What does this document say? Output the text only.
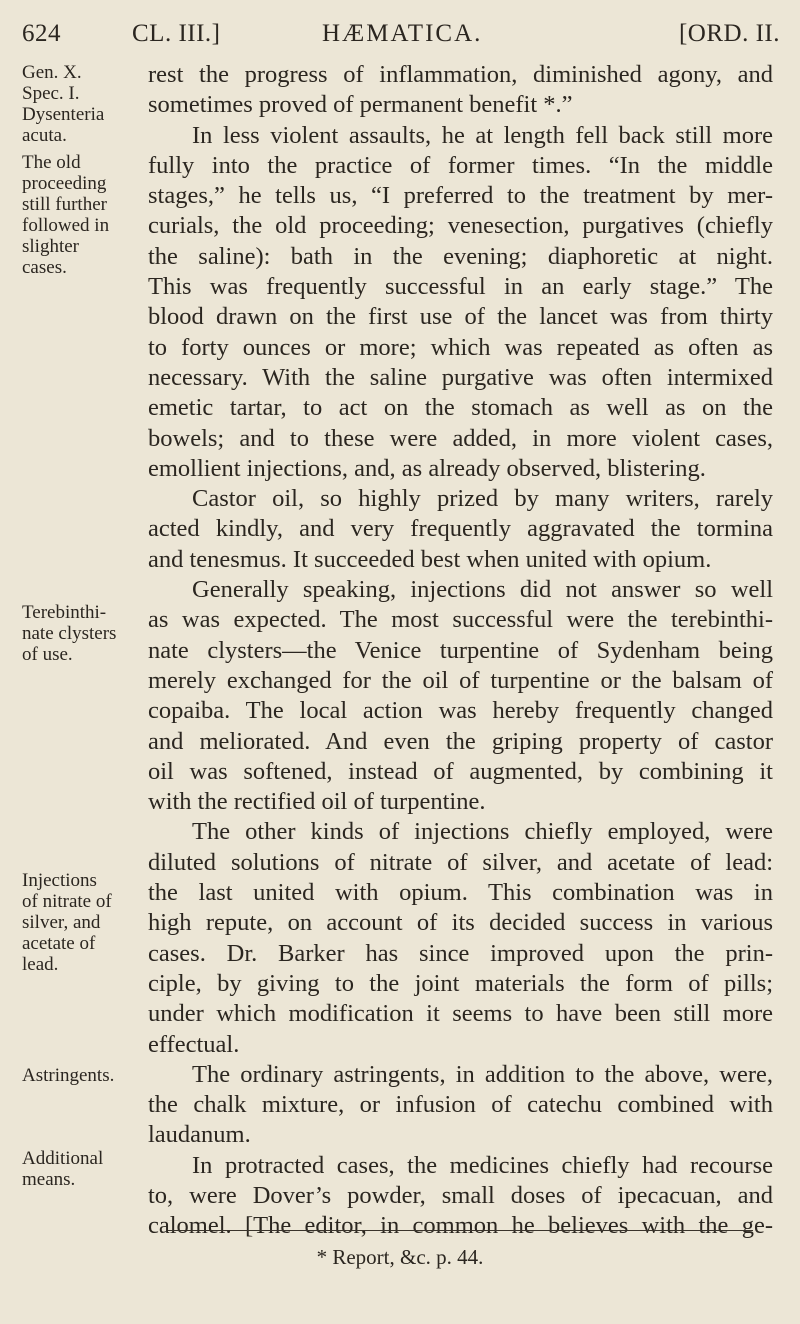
624	CL. III.]	HÆMATICA.	[ORD. II.
Gen. X.
Spec. I.
Dysenteria
acuta.
The old
proceeding
still further
followed in
slighter
cases.
Terebinthi-
nate clysters
of use.
Injections
of nitrate of
silver, and
acetate of
lead.
Astringents.
Additional
means.
rest the progress of inflammation, diminished agony, and
sometimes proved of permanent benefit *.”
In less violent assaults, he at length fell back still more
fully into the practice of former times. “In the middle
stages,” he tells us, “I preferred to the treatment by mer-
curials, the old proceeding; venesection, purgatives (chiefly
the saline): bath in the evening; diaphoretic at night.
This was frequently successful in an early stage.” The
blood drawn on the first use of the lancet was from thirty
to forty ounces or more; which was repeated as often as
necessary. With the saline purgative was often intermixed
emetic tartar, to act on the stomach as well as on the
bowels; and to these were added, in more violent cases,
emollient injections, and, as already observed, blistering.
Castor oil, so highly prized by many writers, rarely
acted kindly, and very frequently aggravated the tormina
and tenesmus. It succeeded best when united with opium.
Generally speaking, injections did not answer so well
as was expected. The most successful were the terebinthi-
nate clysters—the Venice turpentine of Sydenham being
merely exchanged for the oil of turpentine or the balsam of
copaiba. The local action was hereby frequently changed
and meliorated. And even the griping property of castor
oil was softened, instead of augmented, by combining it
with the rectified oil of turpentine.
The other kinds of injections chiefly employed, were
diluted solutions of nitrate of silver, and acetate of lead:
the last united with opium. This combination was in
high repute, on account of its decided success in various
cases. Dr. Barker has since improved upon the prin-
ciple, by giving to the joint materials the form of pills;
under which modification it seems to have been still more
effectual.
The ordinary astringents, in addition to the above, were,
the chalk mixture, or infusion of catechu combined with
laudanum.
In protracted cases, the medicines chiefly had recourse
to, were Dover’s powder, small doses of ipecacuan, and
calomel. [The editor, in common he believes with the ge-
* Report, &c. p. 44.
